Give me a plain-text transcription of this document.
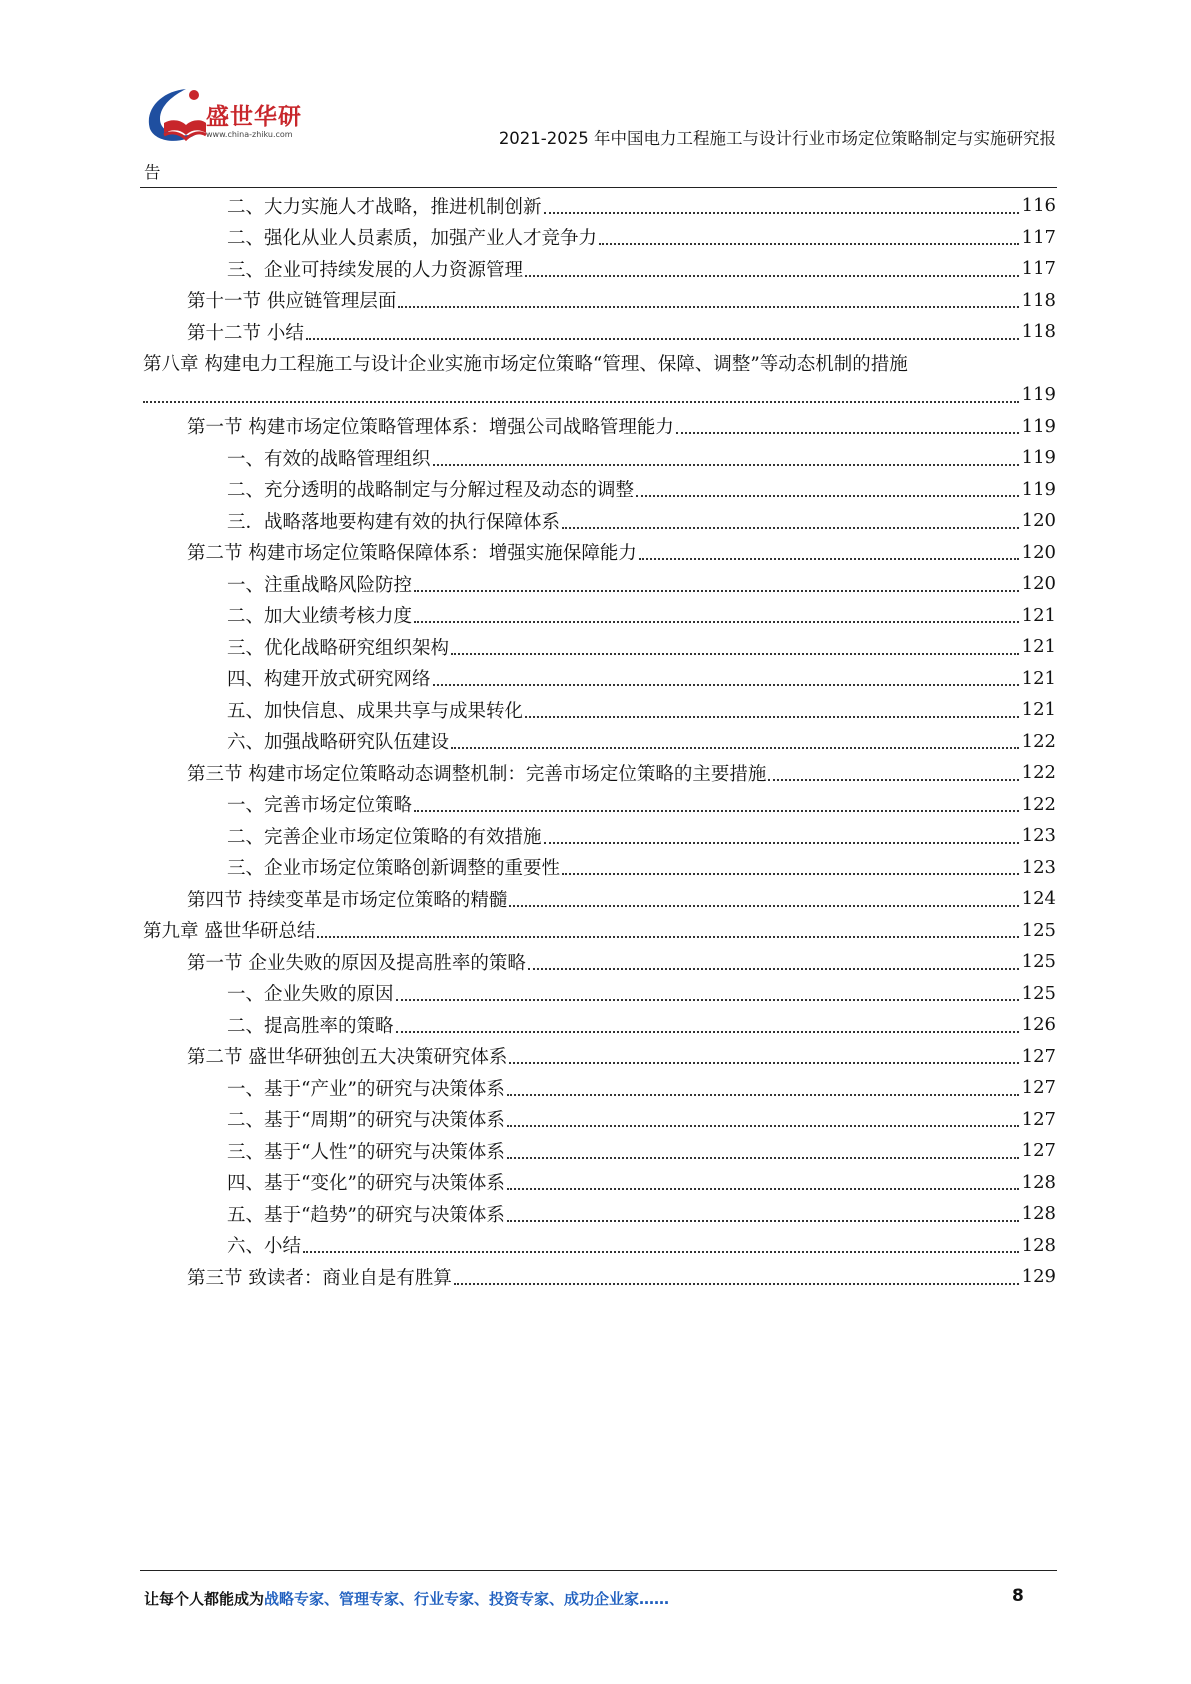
盛世华研
www.china-zhiku.com	2021-2025 年中国电力工程施工与设计行业市场定位策略制定与实施研究报
告
二、大力实施人才战略，推进机制创新	116
二、强化从业人员素质，加强产业人才竞争力	117
三、企业可持续发展的人力资源管理	117
第十一节 供应链管理层面	118
第十二节 小结	118
第八章 构建电力工程施工与设计企业实施市场定位策略“管理、保障、调整”等动态机制的措施
119
第一节 构建市场定位策略管理体系：增强公司战略管理能力	119
一、有效的战略管理组织	119
二、充分透明的战略制定与分解过程及动态的调整	119
三．战略落地要构建有效的执行保障体系	120
第二节 构建市场定位策略保障体系：增强实施保障能力	120
一、注重战略风险防控	120
二、加大业绩考核力度	121
三、优化战略研究组织架构	121
四、构建开放式研究网络	121
五、加快信息、成果共享与成果转化	121
六、加强战略研究队伍建设	122
第三节 构建市场定位策略动态调整机制：完善市场定位策略的主要措施	122
一、完善市场定位策略	122
二、完善企业市场定位策略的有效措施	123
三、企业市场定位策略创新调整的重要性	123
第四节 持续变革是市场定位策略的精髓	124
第九章 盛世华研总结	125
第一节 企业失败的原因及提高胜率的策略	125
一、企业失败的原因	125
二、提高胜率的策略	126
第二节 盛世华研独创五大决策研究体系	127
一、基于“产业”的研究与决策体系	127
二、基于“周期”的研究与决策体系	127
三、基于“人性”的研究与决策体系	127
四、基于“变化”的研究与决策体系	128
五、基于“趋势”的研究与决策体系	128
六、小结	128
第三节 致读者：商业自是有胜算	129
让每个人都能成为战略专家、管理专家、行业专家、投资专家、成功企业家……	8
